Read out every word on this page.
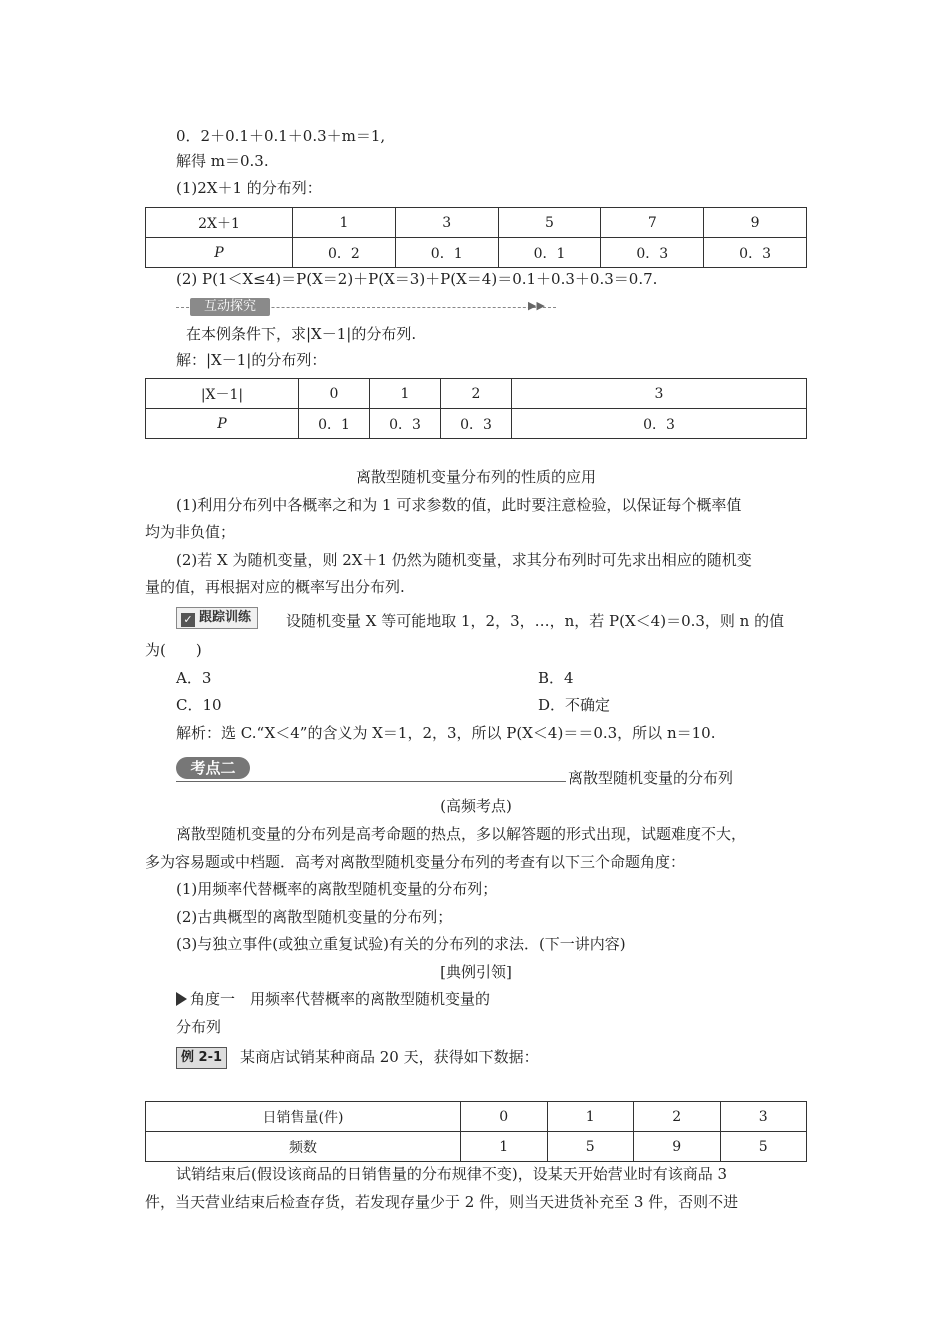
0．2＋0.1＋0.1＋0.3＋m＝1,
解得 m＝0.3.
(1)2X＋1 的分布列：
2X＋1	1	3	5	7	9
P	0．2	0．1	0．1	0．3	0．3
(2) P(1＜X≤4)＝P(X＝2)＋P(X＝3)＋P(X＝4)＝0.1＋0.3＋0.3＝0.7.
▶▶
互动探究
在本例条件下，求|X－1|的分布列.
解：|X－1|的分布列：
|X－1|	0	1	2	3
P	0．1	0．3	0．3	0．3
离散型随机变量分布列的性质的应用
(1)利用分布列中各概率之和为 1 可求参数的值，此时要注意检验，以保证每个概率值
均为非负值；
(2)若 X 为随机变量，则 2X＋1 仍然为随机变量，求其分布列时可先求出相应的随机变
量的值，再根据对应的概率写出分布列.
✓ 跟踪训练	设随机变量 X 等可能地取 1，2，3，…，n，若 P(X＜4)＝0.3，则 n 的值
为(　　)
A．3	B．4
C．10	D．不确定
解析：选 C.“X＜4”的含义为 X＝1，2，3，所以 P(X＜4)＝＝0.3，所以 n＝10.
考点二
离散型随机变量的分布列
(高频考点)
离散型随机变量的分布列是高考命题的热点，多以解答题的形式出现，试题难度不大，
多为容易题或中档题．高考对离散型随机变量分布列的考查有以下三个命题角度：
(1)用频率代替概率的离散型随机变量的分布列；
(2)古典概型的离散型随机变量的分布列；
(3)与独立事件(或独立重复试验)有关的分布列的求法．(下一讲内容)
[典例引领]
角度一　用频率代替概率的离散型随机变量的
分布列
例 2-1	某商店试销某种商品 20 天，获得如下数据：
日销售量(件)	0	1	2	3
频数	1	5	9	5
试销结束后(假设该商品的日销售量的分布规律不变)，设某天开始营业时有该商品 3
件，当天营业结束后检查存货，若发现存量少于 2 件，则当天进货补充至 3 件，否则不进
